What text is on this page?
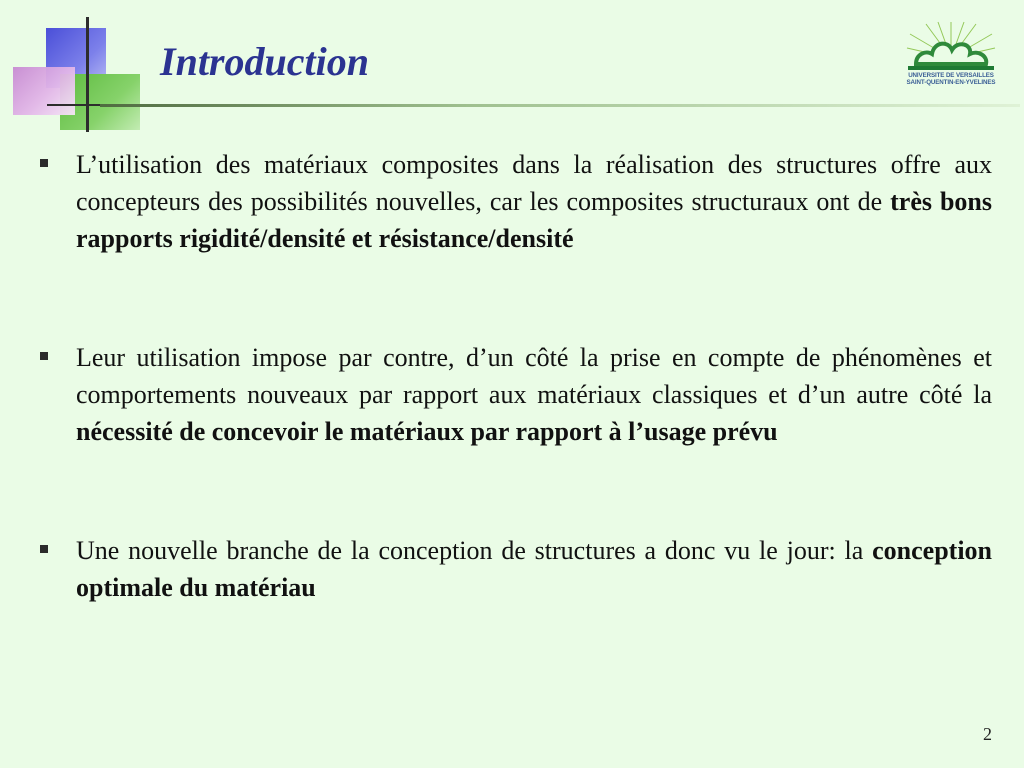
Introduction	UNIVERSITE DE VERSAILLES
SAINT-QUENTIN-EN-YVELINES

L’utilisation des matériaux composites dans la réalisation des structures offre aux concepteurs des possibilités nouvelles, car les composites structuraux ont de très bons rapports rigidité/densité et résistance/densité

Leur utilisation impose par contre, d’un côté la prise en compte de phénomènes et comportements nouveaux par rapport aux matériaux classiques et d’un autre côté la nécessité de concevoir le matériaux par rapport à l’usage prévu

Une nouvelle branche de la conception de structures a donc vu le jour: la conception optimale du matériau

2
